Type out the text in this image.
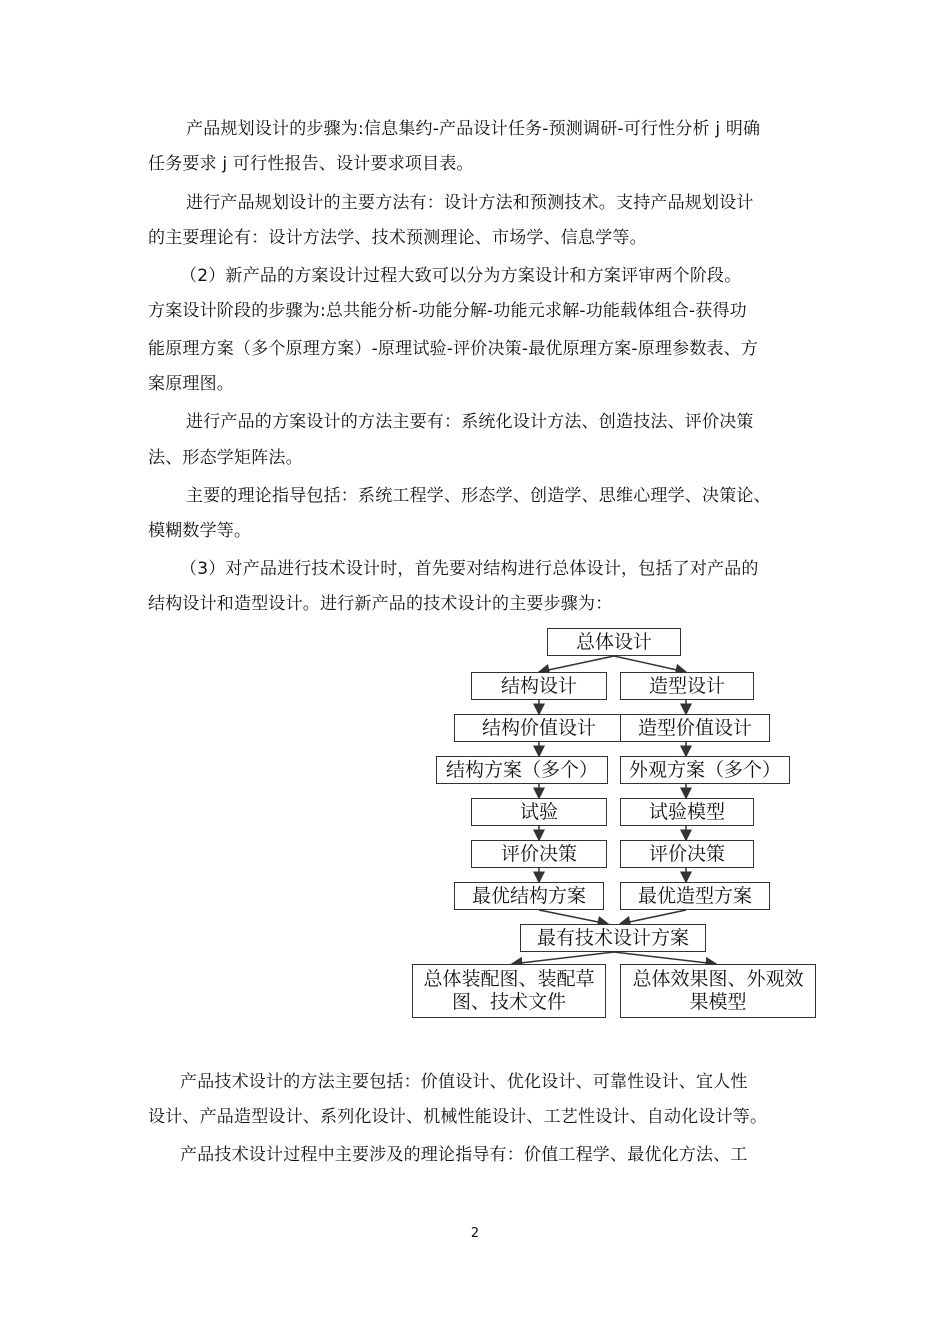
产品规划设计的步骤为:信息集约-产品设计任务-预测调研-可行性分析 j 明确
任务要求 j 可行性报告、设计要求项目表。
进行产品规划设计的主要方法有：设计方法和预测技术。支持产品规划设计
的主要理论有：设计方法学、技术预测理论、市场学、信息学等。
（2）新产品的方案设计过程大致可以分为方案设计和方案评审两个阶段。
方案设计阶段的步骤为:总共能分析-功能分解-功能元求解-功能载体组合-获得功
能原理方案（多个原理方案）-原理试验-评价决策-最优原理方案-原理参数表、方
案原理图。
进行产品的方案设计的方法主要有：系统化设计方法、创造技法、评价决策
法、形态学矩阵法。
主要的理论指导包括：系统工程学、形态学、创造学、思维心理学、决策论、
模糊数学等。
（3）对产品进行技术设计时，首先要对结构进行总体设计，包括了对产品的
结构设计和造型设计。进行新产品的技术设计的主要步骤为：
总体设计
结构设计
结构价值设计
结构方案（多个）
试验
评价决策
最优结构方案
造型设计
造型价值设计
外观方案（多个）
试验模型
评价决策
最优造型方案
最有技术设计方案
总体装配图、装配草图、技术文件
总体效果图、外观效果模型
产品技术设计的方法主要包括：价值设计、优化设计、可靠性设计、宜人性
设计、产品造型设计、系列化设计、机械性能设计、工艺性设计、自动化设计等。
产品技术设计过程中主要涉及的理论指导有：价值工程学、最优化方法、工
2
